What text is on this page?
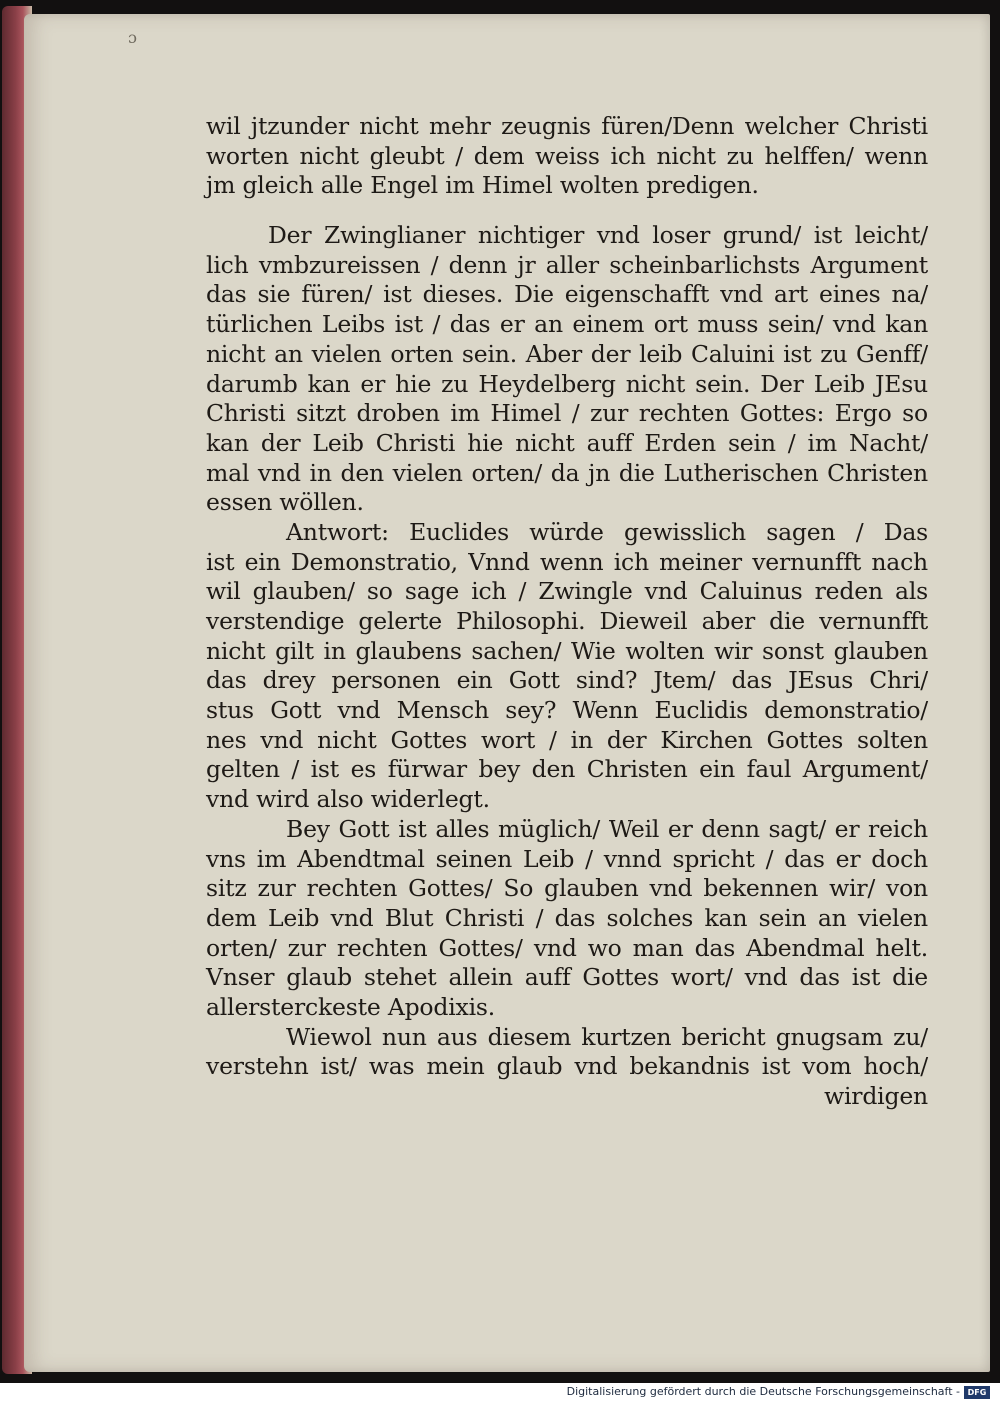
ɔ
wil jtzunder nicht mehr zeugnis füren/Denn welcher Christi
worten nicht gleubt / dem weiss ich nicht zu helffen/ wenn
jm gleich alle Engel im Himel wolten predigen.
Der Zwinglianer nichtiger vnd loser grund/ ist leicht/
lich vmbzureissen / denn jr aller scheinbarlichsts Argument
das sie füren/ ist dieses. Die eigenschafft vnd art eines na/
türlichen Leibs ist / das er an einem ort muss sein/ vnd kan
nicht an vielen orten sein. Aber der leib Caluini ist zu Genff/
darumb kan er hie zu Heydelberg nicht sein. Der Leib JEsu
Christi sitzt droben im Himel / zur rechten Gottes: Ergo so
kan der Leib Christi hie nicht auff Erden sein / im Nacht/
mal vnd in den vielen orten/ da jn die Lutherischen Christen
essen wöllen.
Antwort: Euclides würde gewisslich sagen / Das
ist ein Demonstratio, Vnnd wenn ich meiner vernunfft nach
wil glauben/ so sage ich / Zwingle vnd Caluinus reden als
verstendige gelerte Philosophi. Dieweil aber die vernunfft
nicht gilt in glaubens sachen/ Wie wolten wir sonst glauben
das drey personen ein Gott sind? Jtem/ das JEsus Chri/
stus Gott vnd Mensch sey? Wenn Euclidis demonstratio/
nes vnd nicht Gottes wort / in der Kirchen Gottes solten
gelten / ist es fürwar bey den Christen ein faul Argument/
vnd wird also widerlegt.
Bey Gott ist alles müglich/ Weil er denn sagt/ er reich
vns im Abendtmal seinen Leib / vnnd spricht / das er doch
sitz zur rechten Gottes/ So glauben vnd bekennen wir/ von
dem Leib vnd Blut Christi / das solches kan sein an vielen
orten/ zur rechten Gottes/ vnd wo man das Abendmal helt.
Vnser glaub stehet allein auff Gottes wort/ vnd das ist die
allersterckeste Apodixis.
Wiewol nun aus diesem kurtzen bericht gnugsam zu/
verstehn ist/ was mein glaub vnd bekandnis ist vom hoch/
wirdigen
Digitalisierung gefördert durch die Deutsche Forschungsgemeinschaft - DFG
